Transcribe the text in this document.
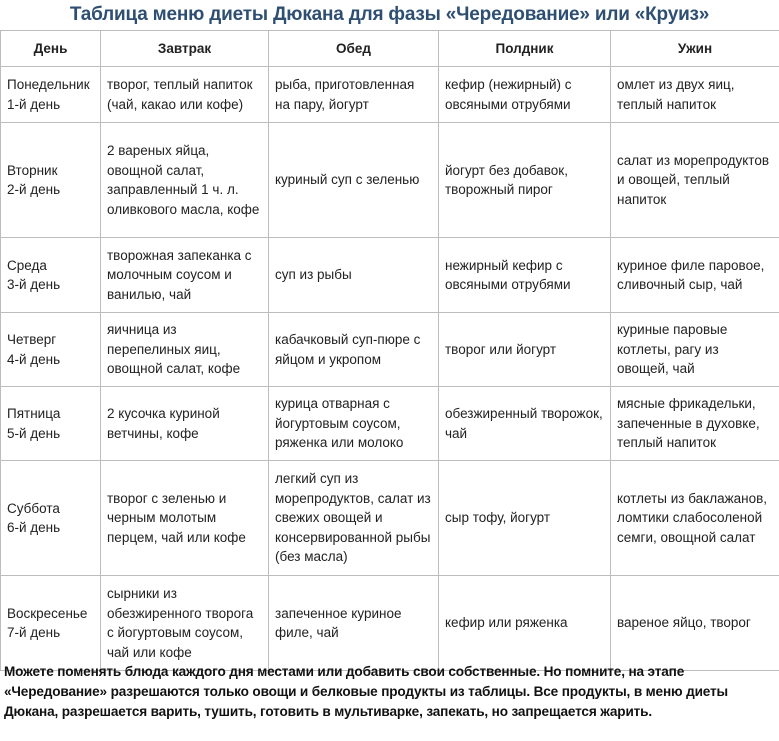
Таблица меню диеты Дюкана для фазы «Чередование» или «Круиз»
День	Завтрак	Обед	Полдник	Ужин

Понедельник
1-й день	творог, теплый напиток (чай, какао или кофе)	рыба, приготовленная на пару, йогурт	кефир (нежирный) с овсяными отрубями	омлет из двух яиц, теплый напиток

Вторник
2-й день	2 вареных яйца, овощной салат, заправленный 1 ч. л. оливкового масла, кофе	куриный суп с зеленью	йогурт без добавок, творожный пирог	салат из морепродуктов и овощей, теплый напиток

Среда
3-й день	творожная запеканка с молочным соусом и ванилью, чай	суп из рыбы	нежирный кефир с овсяными отрубями	куриное филе паровое, сливочный сыр, чай

Четверг
4-й день	яичница из перепелиных яиц, овощной салат, кофе	кабачковый суп-пюре с яйцом и укропом	творог или йогурт	куриные паровые котлеты, рагу из овощей, чай

Пятница
5-й день	2 кусочка куриной ветчины, кофе	курица отварная с йогуртовым соусом, ряженка или молоко	обезжиренный творожок, чай	мясные фрикадельки, запеченные в духовке, теплый напиток

Суббота
6-й день	творог с зеленью и черным молотым перцем, чай или кофе	легкий суп из морепродуктов, салат из свежих овощей и консервированной рыбы (без масла)	сыр тофу, йогурт	котлеты из баклажанов, ломтики слабосоленой семги, овощной салат

Воскресенье
7-й день	сырники из обезжиренного творога с йогуртовым соусом, чай или кофе	запеченное куриное филе, чай	кефир или ряженка	вареное яйцо, творог
Можете поменять блюда каждого дня местами или добавить свои собственные. Но помните, на этапе «Чередование» разрешаются только овощи и белковые продукты из таблицы. Все продукты, в меню диеты Дюкана, разрешается варить, тушить, готовить в мультиварке, запекать, но запрещается жарить.
